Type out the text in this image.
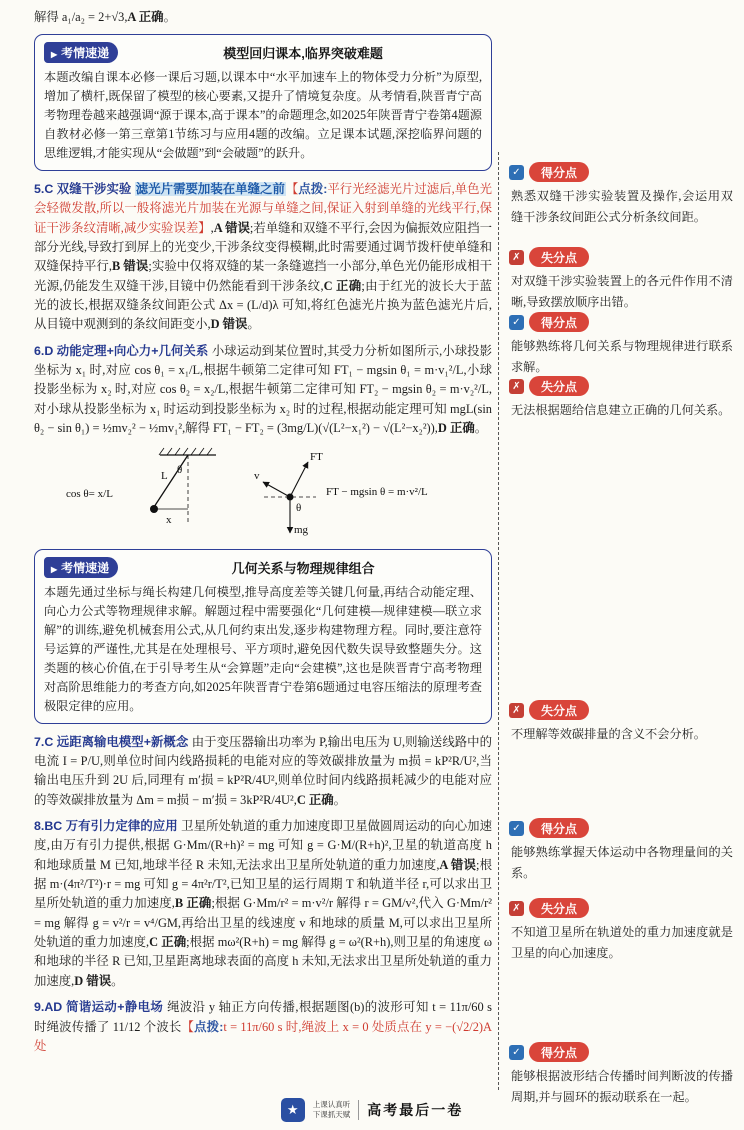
解得 a₁/a₂ = 2+√3,A 正确。

▶
考情速递	模型回归课本,临界突破难题

本题改编自课本必修一课后习题,以课本中“水平加速车上的物体受力分析”为原型,增加了横杆,既保留了模型的核心要素,又提升了情境复杂度。从考情看,陕晋青宁高考物理卷越来越强调“源于课本,高于课本”的命题理念,如2025年陕晋青宁卷第4题源自教材必修一第三章第1节练习与应用4题的改编。立足课本试题,深挖临界问题的思维逻辑,才能实现从“会做题”到“会破题”的跃升。

5.C 双缝干涉实验 滤光片需要加装在单缝之前【点拨:平行光经滤光片过滤后,单色光会轻微发散,所以一般将滤光片加装在光源与单缝之间,保证入射到单缝的光线平行,保证干涉条纹清晰,减少实验误差】,A 错误;若单缝和双缝不平行,会因为偏振效应阻挡一部分光线,导致打到屏上的光变少,干涉条纹变得模糊,此时需要通过调节拨杆使单缝和双缝保持平行,B 错误;实验中仅将双缝的某一条缝遮挡一小部分,单色光仍能形成相干光源,仍能发生双缝干涉,目镜中仍然能看到干涉条纹,C 正确;由于红光的波长大于蓝光的波长,根据双缝条纹间距公式 Δx = (L/d)λ 可知,将红色滤光片换为蓝色滤光片后,从目镜中观测到的条纹间距变小,D 错误。

6.D 动能定理+向心力+几何关系 小球运动到某位置时,其受力分析如图所示,小球投影坐标为 x₁ 时,对应 cos θ₁ = x₁/L,根据牛顿第二定律可知 FT₁ − mgsin θ₁ = m·v₁²/L,小球投影坐标为 x₂ 时,对应 cos θ₂ = x₂/L,根据牛顿第二定律可知 FT₂ − mgsin θ₂ = m·v₂²/L,对小球从投影坐标为 x₁ 时运动到投影坐标为 x₂ 时的过程,根据动能定理可知 mgL(sin θ₂ − sin θ₁) = ½mv₂² − ½mv₁²,解得 FT₁ − FT₂ = (3mg/L)(√(L²−x₁²) − √(L²−x₂²)),D 正确。

cos θ= x/L
L θ
x
FT
mg
v
θ
FT − mgsin θ = m·v²/L
▶
考情速递	几何关系与物理规律组合

本题先通过坐标与绳长构建几何模型,推导高度差等关键几何量,再结合动能定理、向心力公式等物理规律求解。解题过程中需要强化“几何建模—规律建模—联立求解”的训练,避免机械套用公式,从几何约束出发,逐步构建物理方程。同时,要注意符号运算的严谨性,尤其是在处理根号、平方项时,避免因代数失误导致整题失分。这类题的核心价值,在于引导考生从“会算题”走向“会建模”,这也是陕晋青宁高考物理对高阶思维能力的考查方向,如2025年陕晋青宁卷第6题通过电容压缩法的原理考查极限定律的应用。

7.C 远距离输电模型+新概念 由于变压器输出功率为 P,输出电压为 U,则输送线路中的电流 I = P/U,则单位时间内线路损耗的电能对应的等效碳排放量为 m损 = kP²R/U²,当输出电压升到 2U 后,同理有 m′损 = kP²R/4U²,则单位时间内线路损耗减少的电能对应的等效碳排放量为 Δm = m损 − m′损 = 3kP²R/4U²,C 正确。

8.BC 万有引力定律的应用 卫星所处轨道的重力加速度即卫星做圆周运动的向心加速度,由万有引力提供,根据 G·Mm/(R+h)² = mg 可知 g = G·M/(R+h)²,卫星的轨道高度 h 和地球质量 M 已知,地球半径 R 未知,无法求出卫星所处轨道的重力加速度,A 错误;根据 m·(4π²/T²)·r = mg 可知 g = 4π²r/T²,已知卫星的运行周期 T 和轨道半径 r,可以求出卫星所处轨道的重力加速度,B 正确;根据 G·Mm/r² = m·v²/r 解得 r = GM/v²,代入 G·Mm/r² = mg 解得 g = v²/r = v⁴/GM,再给出卫星的线速度 v 和地球的质量 M,可以求出卫星所处轨道的重力加速度,C 正确;根据 mω²(R+h) = mg 解得 g = ω²(R+h),则卫星的角速度 ω 和地球的半径 R 已知,卫星距离地球表面的高度 h 未知,无法求出卫星所处轨道的重力加速度,D 错误。

9.AD 简谐运动+静电场 绳波沿 y 轴正方向传播,根据题图(b)的波形可知 t = 11π/60 s 时绳波传播了 11/12 个波长【点拨:t = 11π/60 s 时,绳波上 x = 0 处质点在 y = −(√2/2)A 处

✓
得分点
熟悉双缝干涉实验装置及操作,会运用双缝干涉条纹间距公式分析条纹间距。
✗
失分点
对双缝干涉实验装置上的各元件作用不清晰,导致摆放顺序出错。
✓
得分点
能够熟练将几何关系与物理规律进行联系求解。
✗
失分点
无法根据题给信息建立正确的几何关系。
✗
失分点
不理解等效碳排量的含义不会分析。
✓
得分点
能够熟练掌握天体运动中各物理量间的关系。
✗
失分点
不知道卫星所在轨道处的重力加速度就是卫星的向心加速度。
✓
得分点
能够根据波形结合传播时间判断波的传播周期,并与圆环的振动联系在一起。
★
上课认真听
下课抓天赋 高考最后一卷
